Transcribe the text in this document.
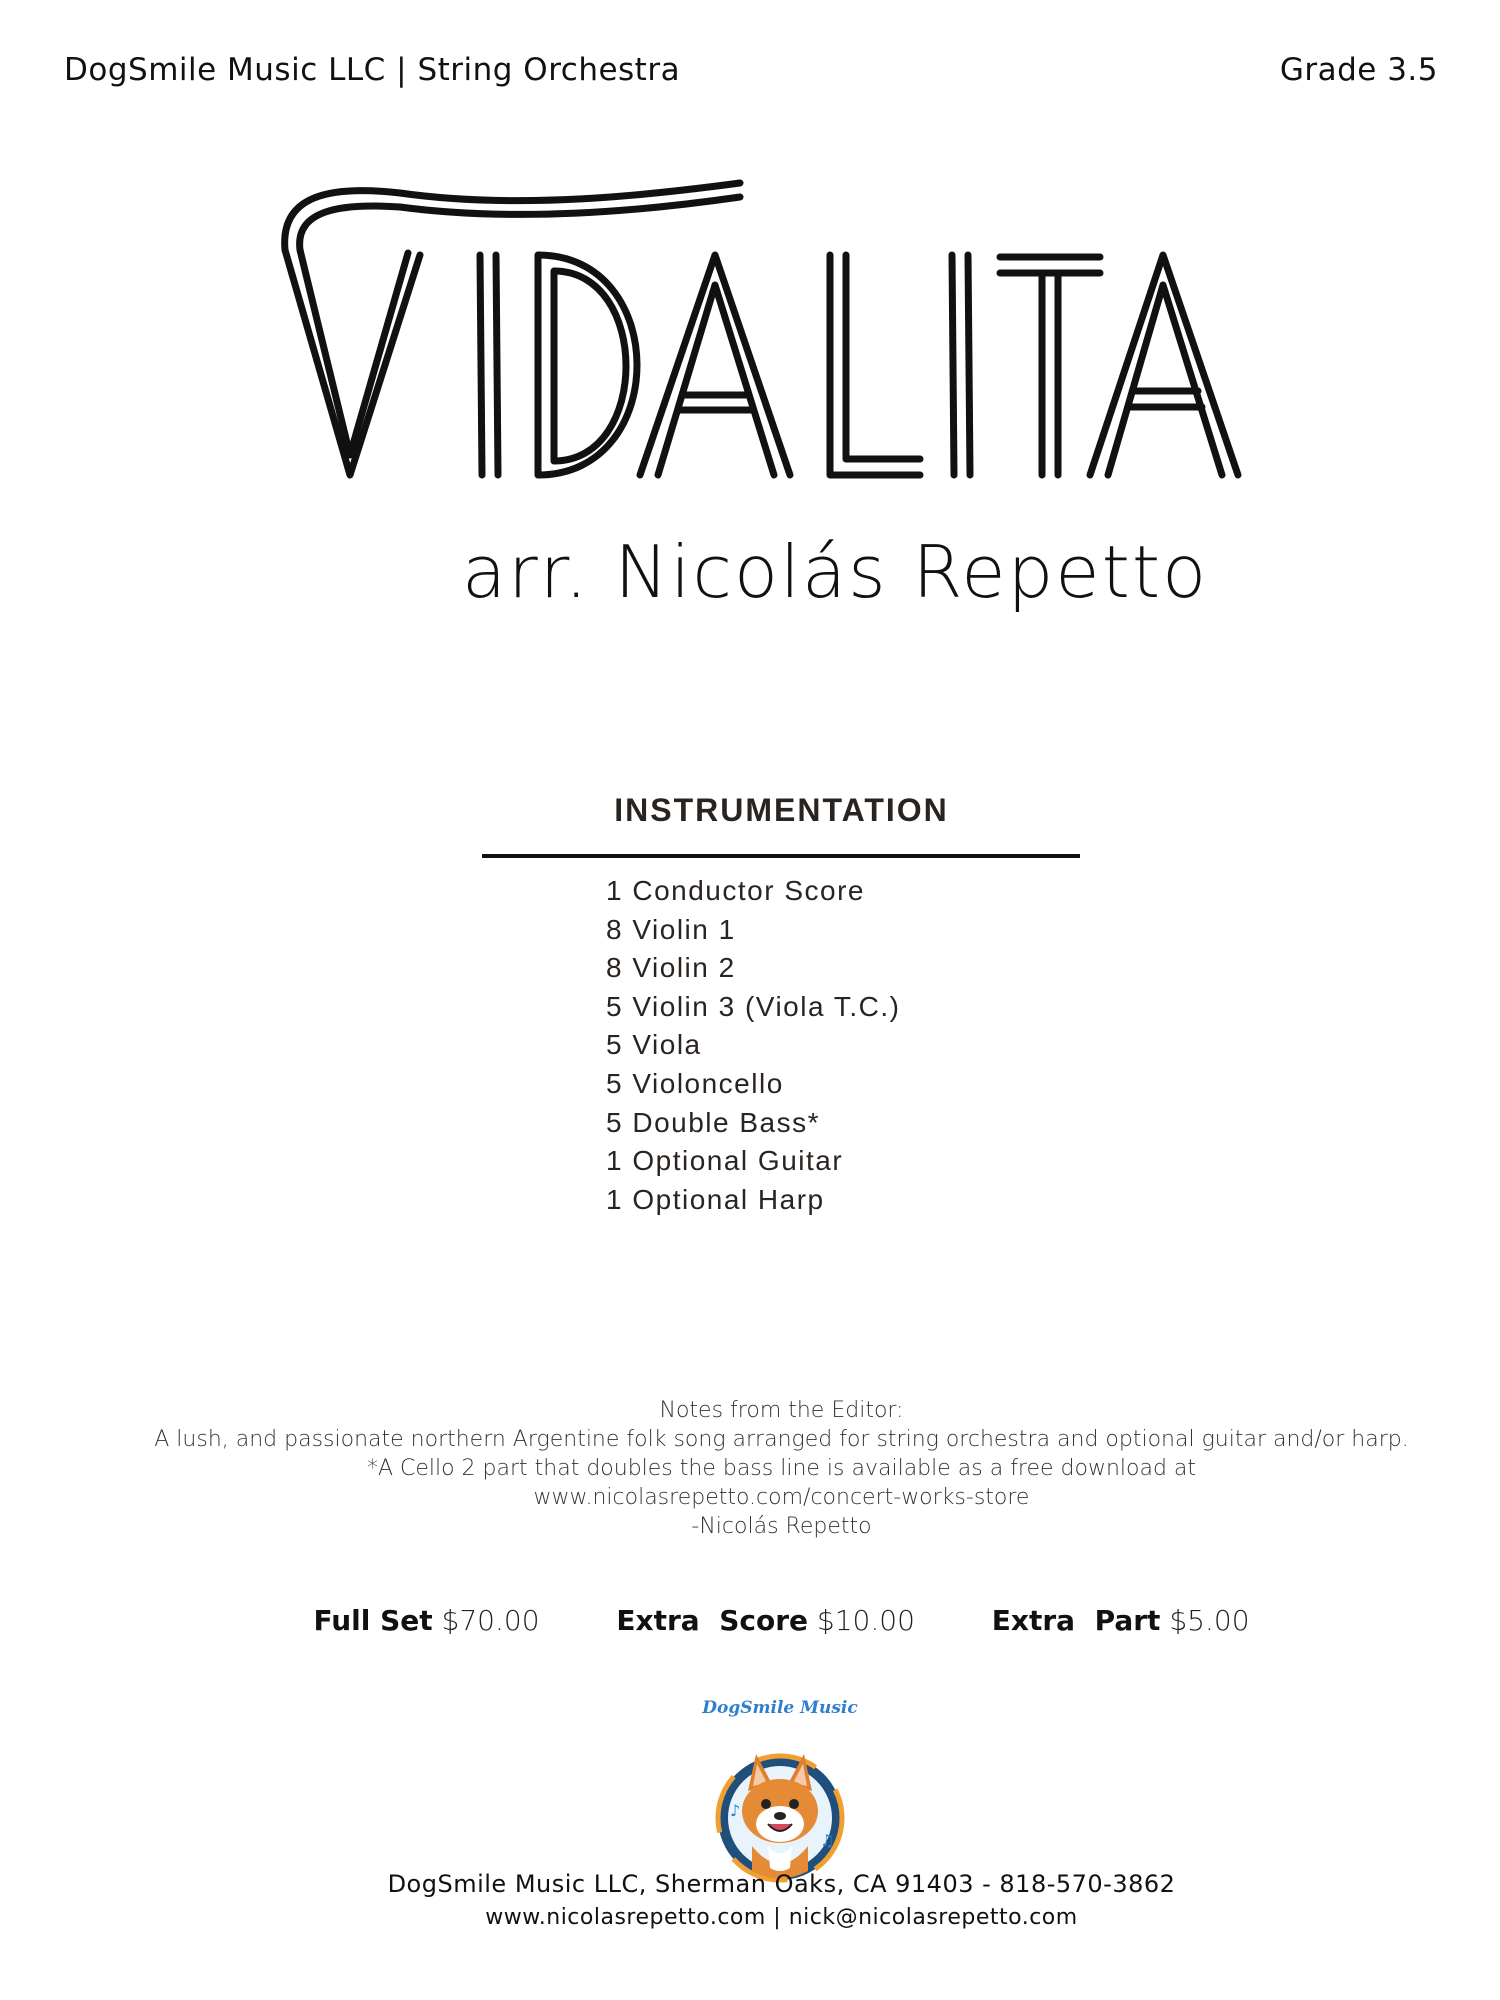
DogSmile Music LLC | String Orchestra	Grade 3.5
arr. Nicolás Repetto
INSTRUMENTATION
1 Conductor Score
8 Violin 1
8 Violin 2
5 Violin 3 (Viola T.C.)
5 Viola
5 Violoncello
5 Double Bass*
1 Optional Guitar
1 Optional Harp
Notes from the Editor:
A lush, and passionate northern Argentine folk song arranged for string orchestra and optional guitar and/or harp.
*A Cello 2 part that doubles the bass line is available as a free download at
www.nicolasrepetto.com/concert-works-store
-Nicolás Repetto
Full Set $70.00	Extra  Score $10.00	Extra  Part $5.00
DogSmile Music
♪
♫
DogSmile Music LLC, Sherman Oaks, CA 91403 - 818-570-3862
www.nicolasrepetto.com | nick@nicolasrepetto.com
